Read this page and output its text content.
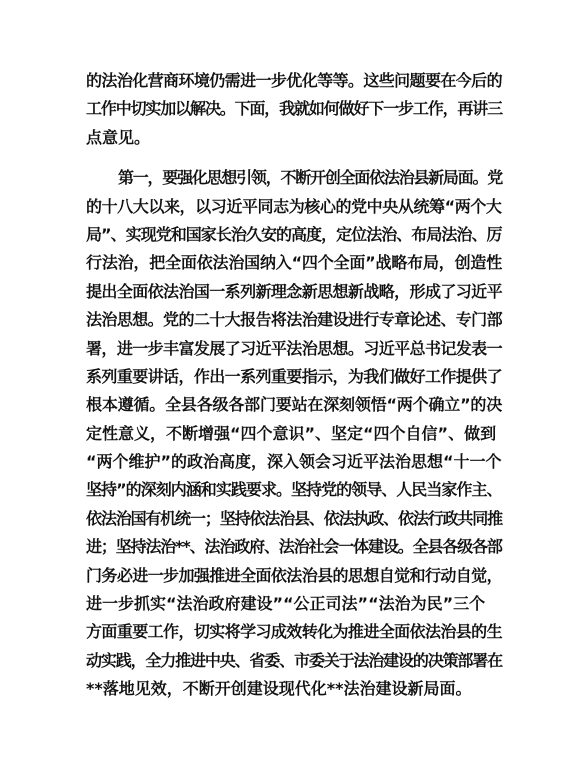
的法治化营商环境仍需进一步优化等等。这些问题要在今后的
工作中切实加以解决。下面，我就如何做好下一步工作，再讲三
点意见。
第一，要强化思想引领，不断开创全面依法治县新局面。党
的十八大以来，以习近平同志为核心的党中央从统筹“两个大
局”、实现党和国家长治久安的高度，定位法治、布局法治、厉
行法治，把全面依法治国纳入“四个全面”战略布局，创造性
提出全面依法治国一系列新理念新思想新战略，形成了习近平
法治思想。党的二十大报告将法治建设进行专章论述、专门部
署，进一步丰富发展了习近平法治思想。习近平总书记发表一
系列重要讲话，作出一系列重要指示，为我们做好工作提供了
根本遵循。全县各级各部门要站在深刻领悟“两个确立”的决
定性意义，不断增强“四个意识”、坚定“四个自信”、做到
“两个维护”的政治高度，深入领会习近平法治思想“十一个
坚持”的深刻内涵和实践要求。坚持党的领导、人民当家作主、
依法治国有机统一；坚持依法治县、依法执政、依法行政共同推
进；坚持法治**、法治政府、法治社会一体建设。全县各级各部
门务必进一步加强推进全面依法治县的思想自觉和行动自觉，
进一步抓实“法治政府建设”“公正司法”“法治为民”三个
方面重要工作，切实将学习成效转化为推进全面依法治县的生
动实践，全力推进中央、省委、市委关于法治建设的决策部署在
**落地见效，不断开创建设现代化**法治建设新局面。
